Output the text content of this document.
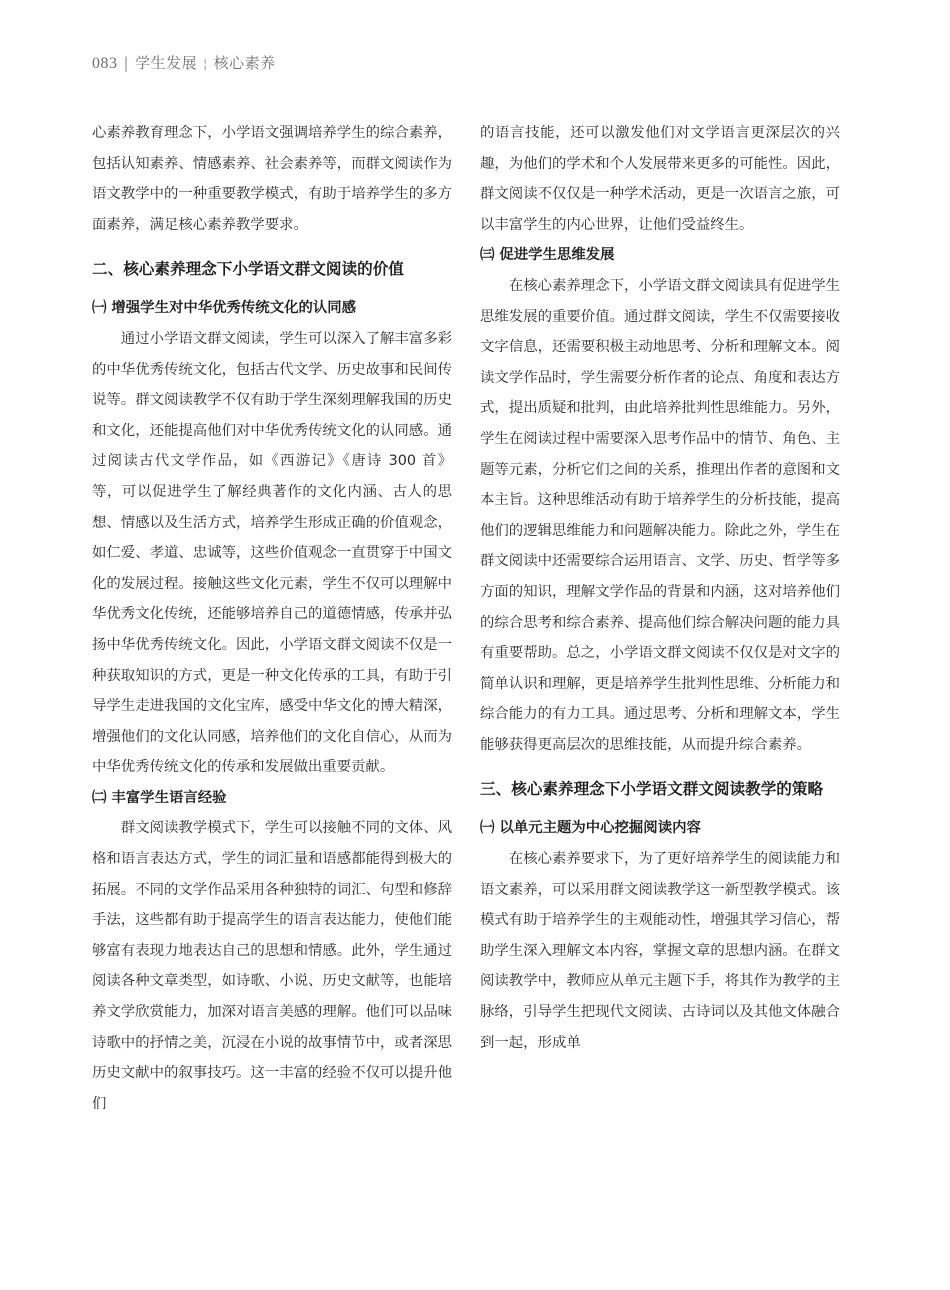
083 | 学生发展 ¦ 核心素养

心素养教育理念下，小学语文强调培养学生的综合素养，包括认知素养、情感素养、社会素养等，而群文阅读作为语文教学中的一种重要教学模式，有助于培养学生的多方面素养，满足核心素养教学要求。

二、核心素养理念下小学语文群文阅读的价值

㈠ 增强学生对中华优秀传统文化的认同感

通过小学语文群文阅读，学生可以深入了解丰富多彩的中华优秀传统文化，包括古代文学、历史故事和民间传说等。群文阅读教学不仅有助于学生深刻理解我国的历史和文化，还能提高他们对中华优秀传统文化的认同感。通过阅读古代文学作品，如《西游记》《唐诗 300 首》等，可以促进学生了解经典著作的文化内涵、古人的思想、情感以及生活方式，培养学生形成正确的价值观念，如仁爱、孝道、忠诚等，这些价值观念一直贯穿于中国文化的发展过程。接触这些文化元素，学生不仅可以理解中华优秀文化传统，还能够培养自己的道德情感，传承并弘扬中华优秀传统文化。因此，小学语文群文阅读不仅是一种获取知识的方式，更是一种文化传承的工具，有助于引导学生走进我国的文化宝库，感受中华文化的博大精深，增强他们的文化认同感，培养他们的文化自信心，从而为中华优秀传统文化的传承和发展做出重要贡献。

㈡ 丰富学生语言经验

群文阅读教学模式下，学生可以接触不同的文体、风格和语言表达方式，学生的词汇量和语感都能得到极大的拓展。不同的文学作品采用各种独特的词汇、句型和修辞手法，这些都有助于提高学生的语言表达能力，使他们能够富有表现力地表达自己的思想和情感。此外，学生通过阅读各种文章类型，如诗歌、小说、历史文献等，也能培养文学欣赏能力，加深对语言美感的理解。他们可以品味诗歌中的抒情之美，沉浸在小说的故事情节中，或者深思历史文献中的叙事技巧。这一丰富的经验不仅可以提升他们

的语言技能，还可以激发他们对文学语言更深层次的兴趣，为他们的学术和个人发展带来更多的可能性。因此，群文阅读不仅仅是一种学术活动，更是一次语言之旅，可以丰富学生的内心世界，让他们受益终生。

㈢ 促进学生思维发展

在核心素养理念下，小学语文群文阅读具有促进学生思维发展的重要价值。通过群文阅读，学生不仅需要接收文字信息，还需要积极主动地思考、分析和理解文本。阅读文学作品时，学生需要分析作者的论点、角度和表达方式，提出质疑和批判，由此培养批判性思维能力。另外，学生在阅读过程中需要深入思考作品中的情节、角色、主题等元素，分析它们之间的关系，推理出作者的意图和文本主旨。这种思维活动有助于培养学生的分析技能，提高他们的逻辑思维能力和问题解决能力。除此之外，学生在群文阅读中还需要综合运用语言、文学、历史、哲学等多方面的知识，理解文学作品的背景和内涵，这对培养他们的综合思考和综合素养、提高他们综合解决问题的能力具有重要帮助。总之，小学语文群文阅读不仅仅是对文字的简单认识和理解，更是培养学生批判性思维、分析能力和综合能力的有力工具。通过思考、分析和理解文本，学生能够获得更高层次的思维技能，从而提升综合素养。

三、核心素养理念下小学语文群文阅读教学的策略

㈠ 以单元主题为中心挖掘阅读内容

在核心素养要求下，为了更好培养学生的阅读能力和语文素养，可以采用群文阅读教学这一新型教学模式。该模式有助于培养学生的主观能动性，增强其学习信心，帮助学生深入理解文本内容，掌握文章的思想内涵。在群文阅读教学中，教师应从单元主题下手，将其作为教学的主脉络，引导学生把现代文阅读、古诗词以及其他文体融合到一起，形成单
